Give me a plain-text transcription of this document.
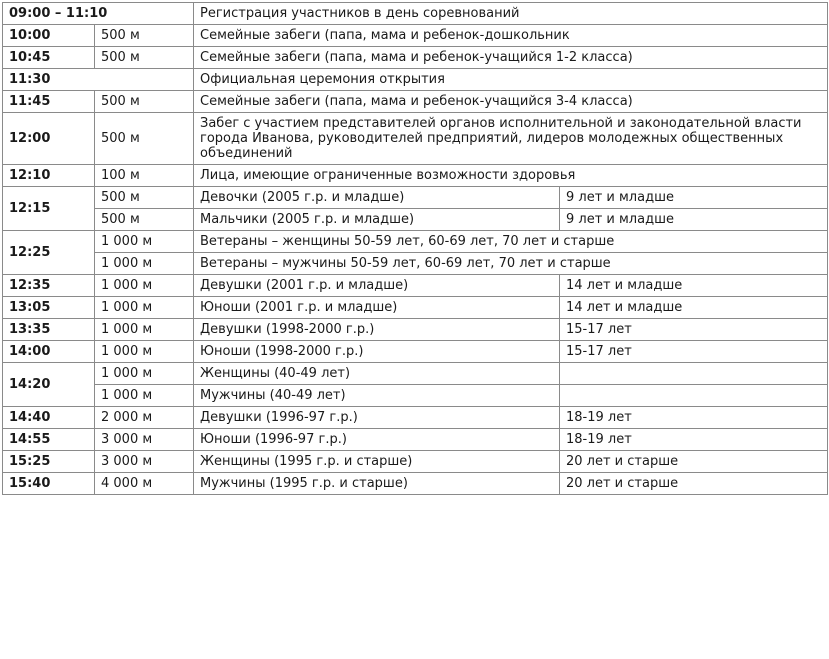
09:00 – 11:10		Регистрация участников в день соревнований	
10:00	500 м	Семейные забеги (папа, мама и ребенок-дошкольник	
10:45	500 м	Семейные забеги (папа, мама и ребенок-учащийся 1-2 класса)	
11:30		Официальная церемония открытия	
11:45	500 м	Семейные забеги (папа, мама и ребенок-учащийся 3-4 класса)	
12:00	500 м	Забег с участием представителей органов исполнительной и законодательной власти города Иванова, руководителей предприятий, лидеров молодежных общественных объединений	
12:10	100 м	Лица, имеющие ограниченные возможности здоровья	
12:15	500 м	Девочки (2005 г.р. и младше)	9 лет и младше
	500 м	Мальчики (2005 г.р. и младше)	9 лет и младше
12:25	1 000 м	Ветераны – женщины 50-59 лет, 60-69 лет, 70 лет и старше	
	1 000 м	Ветераны – мужчины 50-59 лет, 60-69 лет, 70 лет и старше	
12:35	1 000 м	Девушки (2001 г.р. и младше)	14 лет и младше
13:05	1 000 м	Юноши (2001 г.р. и младше)	14 лет и младше
13:35	1 000 м	Девушки (1998-2000 г.р.)	15-17 лет
14:00	1 000 м	Юноши (1998-2000 г.р.)	15-17 лет
14:20	1 000 м	Женщины (40-49 лет)	
	1 000 м	Мужчины (40-49 лет)	
14:40	2 000 м	Девушки (1996-97 г.р.)	18-19 лет
14:55	3 000 м	Юноши (1996-97 г.р.)	18-19 лет
15:25	3 000 м	Женщины (1995 г.р. и старше)	20 лет и старше
15:40	4 000 м	Мужчины (1995 г.р. и старше)	20 лет и старше
